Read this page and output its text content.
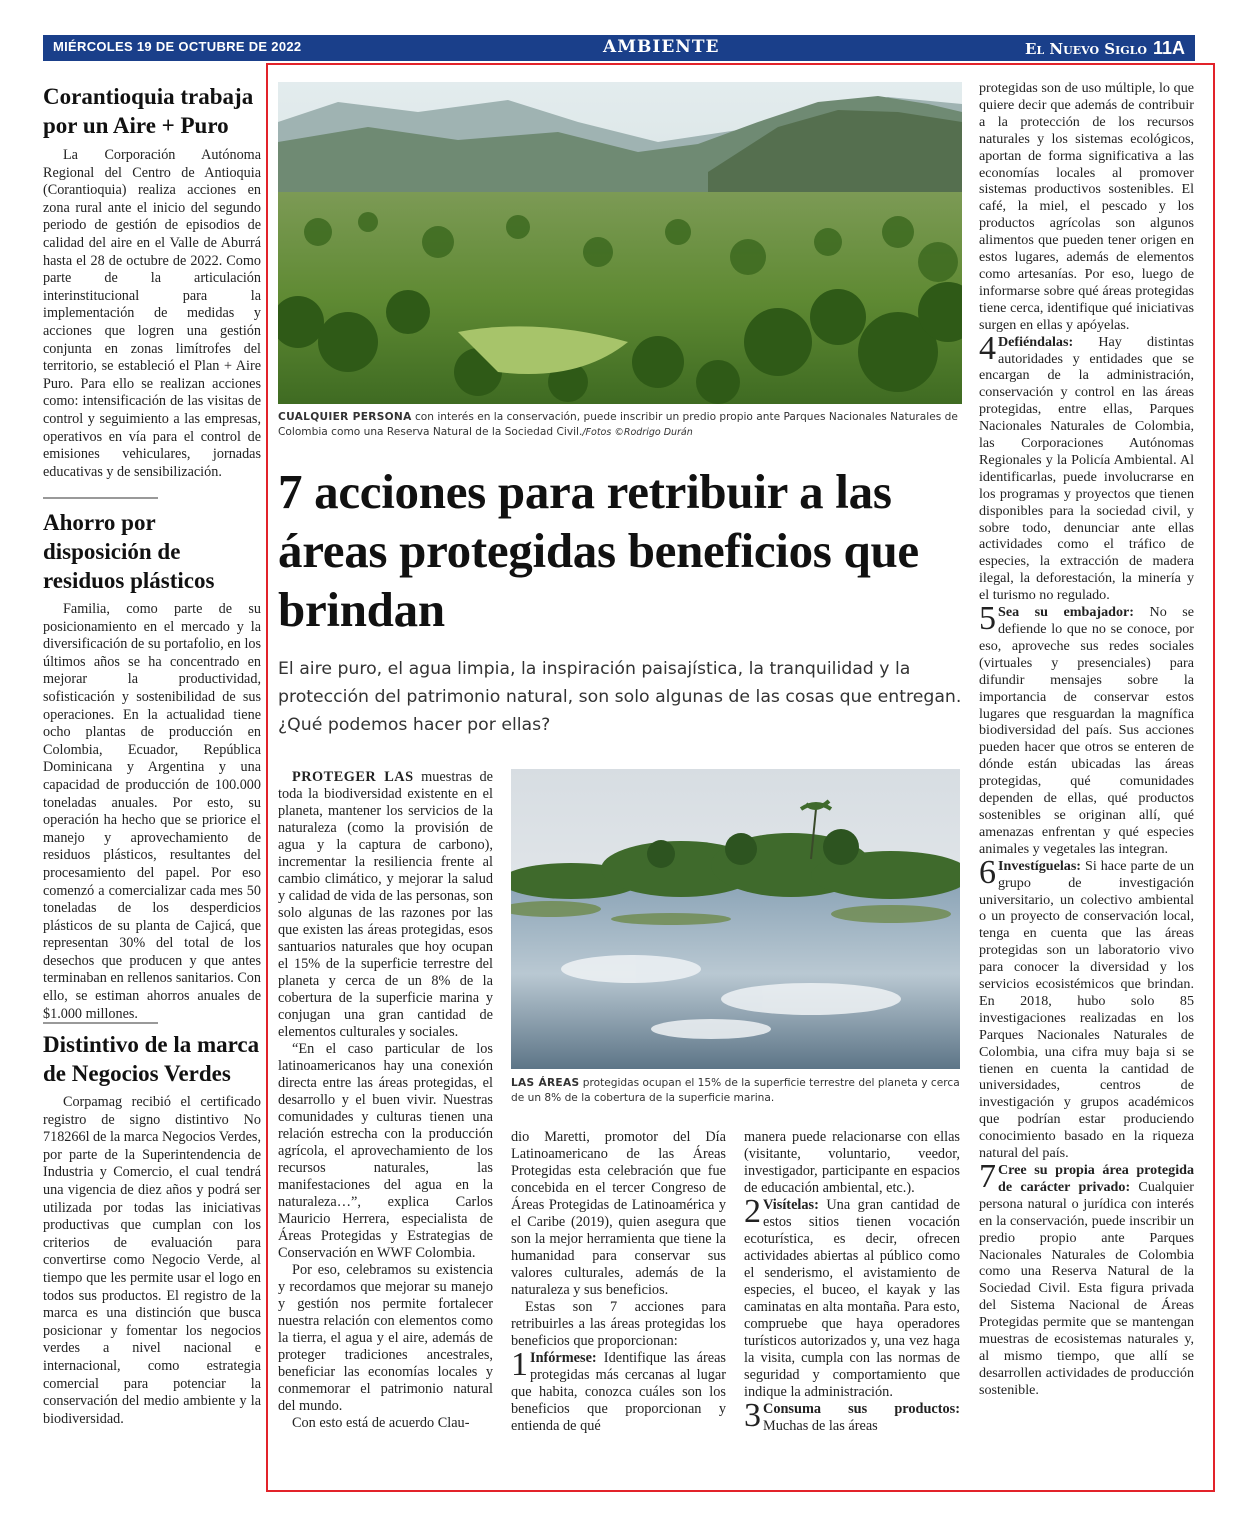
MIÉRCOLES 19 DE OCTUBRE DE 2022	AMBIENTE	El Nuevo Siglo 11A
Corantioquia trabaja por un Aire + Puro

La Corporación Autónoma Regional del Centro de Antioquia (Corantioquia) realiza acciones en zona rural ante el inicio del segundo periodo de gestión de episodios de calidad del aire en el Valle de Aburrá hasta el 28 de octubre de 2022. Como parte de la articulación interinstitucional para la implementación de medidas y acciones que logren una gestión conjunta en zonas limítrofes del territorio, se estableció el Plan + Aire Puro. Para ello se realizan acciones como: intensificación de las visitas de control y seguimiento a las empresas, operativos en vía para el control de emisiones vehiculares, jornadas educativas y de sensibilización.

Ahorro por disposición de residuos plásticos

Familia, como parte de su posicionamiento en el mercado y la diversificación de su portafolio, en los últimos años se ha concentrado en mejorar la productividad, sofisticación y sostenibilidad de sus operaciones. En la actualidad tiene ocho plantas de producción en Colombia, Ecuador, República Dominicana y Argentina y una capacidad de producción de 100.000 toneladas anuales. Por esto, su operación ha hecho que se priorice el manejo y aprovechamiento de residuos plásticos, resultantes del procesamiento del papel. Por eso comenzó a comercializar cada mes 50 toneladas de los desperdicios plásticos de su planta de Cajicá, que representan 30% del total de los desechos que producen y que antes terminaban en rellenos sanitarios. Con ello, se estiman ahorros anuales de $1.000 millones.

Distintivo de la marca de Negocios Verdes

Corpamag recibió el certificado registro de signo distintivo No 718266l de la marca Negocios Verdes, por parte de la Superintendencia de Industria y Comercio, el cual tendrá una vigencia de diez años y podrá ser utilizada por todas las iniciativas productivas que cumplan con los criterios de evaluación para convertirse como Negocio Verde, al tiempo que les permite usar el logo en todos sus productos. El registro de la marca es una distinción que busca posicionar y fomentar los negocios verdes a nivel nacional e internacional, como estrategia comercial para potenciar la conservación del medio ambiente y la biodiversidad.

CUALQUIER PERSONA con interés en la conservación, puede inscribir un predio propio ante Parques Nacionales Naturales de Colombia como una Reserva Natural de la Sociedad Civil./Fotos ©Rodrigo Durán
7 acciones para retribuir a las áreas protegidas beneficios que brindan
El aire puro, el agua limpia, la inspiración paisajística, la tranquilidad y la protección del patrimonio natural, son solo algunas de las cosas que entregan. ¿Qué podemos hacer por ellas?
LAS ÁREAS protegidas ocupan el 15% de la superficie terrestre del planeta y cerca de un 8% de la cobertura de la superficie marina.

PROTEGER LAS muestras de toda la biodiversidad existente en el planeta, mantener los servicios de la naturaleza (como la provisión de agua y la captura de carbono), incrementar la resiliencia frente al cambio climático, y mejorar la salud y calidad de vida de las personas, son solo algunas de las razones por las que existen las áreas protegidas, esos santuarios naturales que hoy ocupan el 15% de la superficie terrestre del planeta y cerca de un 8% de la cobertura de la superficie marina y conjugan una gran cantidad de elementos culturales y sociales.

“En el caso particular de los latinoamericanos hay una conexión directa entre las áreas protegidas, el desarrollo y el buen vivir. Nuestras comunidades y culturas tienen una relación estrecha con la producción agrícola, el aprovechamiento de los recursos naturales, las manifestaciones del agua en la naturaleza…”, explica Carlos Mauricio Herrera, especialista de Áreas Protegidas y Estrategias de Conservación en WWF Colombia.

Por eso, celebramos su existencia y recordamos que mejorar su manejo y gestión nos permite fortalecer nuestra relación con elementos como la tierra, el agua y el aire, además de proteger tradiciones ancestrales, beneficiar las economías locales y conmemorar el patrimonio natural del mundo.

Con esto está de acuerdo Clau-

dio Maretti, promotor del Día Latinoamericano de las Áreas Protegidas esta celebración que fue concebida en el tercer Congreso de Áreas Protegidas de Latinoamérica y el Caribe (2019), quien asegura que son la mejor herramienta que tiene la humanidad para conservar sus valores culturales, además de la naturaleza y sus beneficios.

Estas son 7 acciones para retribuirles a las áreas protegidas los beneficios que proporcionan:

1 Infórmese: Identifique las áreas protegidas más cercanas al lugar que habita, conozca cuáles son los beneficios que proporcionan y entienda de qué

manera puede relacionarse con ellas (visitante, voluntario, veedor, investigador, participante en espacios de educación ambiental, etc.).

2 Visítelas: Una gran cantidad de estos sitios tienen vocación ecoturística, es decir, ofrecen actividades abiertas al público como el senderismo, el avistamiento de especies, el buceo, el kayak y las caminatas en alta montaña. Para esto, compruebe que haya operadores turísticos autorizados y, una vez haga la visita, cumpla con las normas de seguridad y comportamiento que indique la administración.

3 Consuma sus productos: Muchas de las áreas

protegidas son de uso múltiple, lo que quiere decir que además de contribuir a la protección de los recursos naturales y los sistemas ecológicos, aportan de forma significativa a las economías locales al promover sistemas productivos sostenibles. El café, la miel, el pescado y los productos agrícolas son algunos alimentos que pueden tener origen en estos lugares, además de elementos como artesanías. Por eso, luego de informarse sobre qué áreas protegidas tiene cerca, identifique qué iniciativas surgen en ellas y apóyelas.

4 Defiéndalas: Hay distintas autoridades y entidades que se encargan de la administración, conservación y control en las áreas protegidas, entre ellas, Parques Nacionales Naturales de Colombia, las Corporaciones Autónomas Regionales y la Policía Ambiental. Al identificarlas, puede involucrarse en los programas y proyectos que tienen disponibles para la sociedad civil, y sobre todo, denunciar ante ellas actividades como el tráfico de especies, la extracción de madera ilegal, la deforestación, la minería y el turismo no regulado.

5 Sea su embajador: No se defiende lo que no se conoce, por eso, aproveche sus redes sociales (virtuales y presenciales) para difundir mensajes sobre la importancia de conservar estos lugares que resguardan la magnífica biodiversidad del país. Sus acciones pueden hacer que otros se enteren de dónde están ubicadas las áreas protegidas, qué comunidades dependen de ellas, qué productos sostenibles se originan allí, qué amenazas enfrentan y qué especies animales y vegetales las integran.

6 Investíguelas: Si hace parte de un grupo de investigación universitario, un colectivo ambiental o un proyecto de conservación local, tenga en cuenta que las áreas protegidas son un laboratorio vivo para conocer la diversidad y los servicios ecosistémicos que brindan. En 2018, hubo solo 85 investigaciones realizadas en los Parques Nacionales Naturales de Colombia, una cifra muy baja si se tienen en cuenta la cantidad de universidades, centros de investigación y grupos académicos que podrían estar produciendo conocimiento basado en la riqueza natural del país.

7 Cree su propia área protegida de carácter privado: Cualquier persona natural o jurídica con interés en la conservación, puede inscribir un predio propio ante Parques Nacionales Naturales de Colombia como una Reserva Natural de la Sociedad Civil. Esta figura privada del Sistema Nacional de Áreas Protegidas permite que se mantengan muestras de ecosistemas naturales y, al mismo tiempo, que allí se desarrollen actividades de producción sostenible.
